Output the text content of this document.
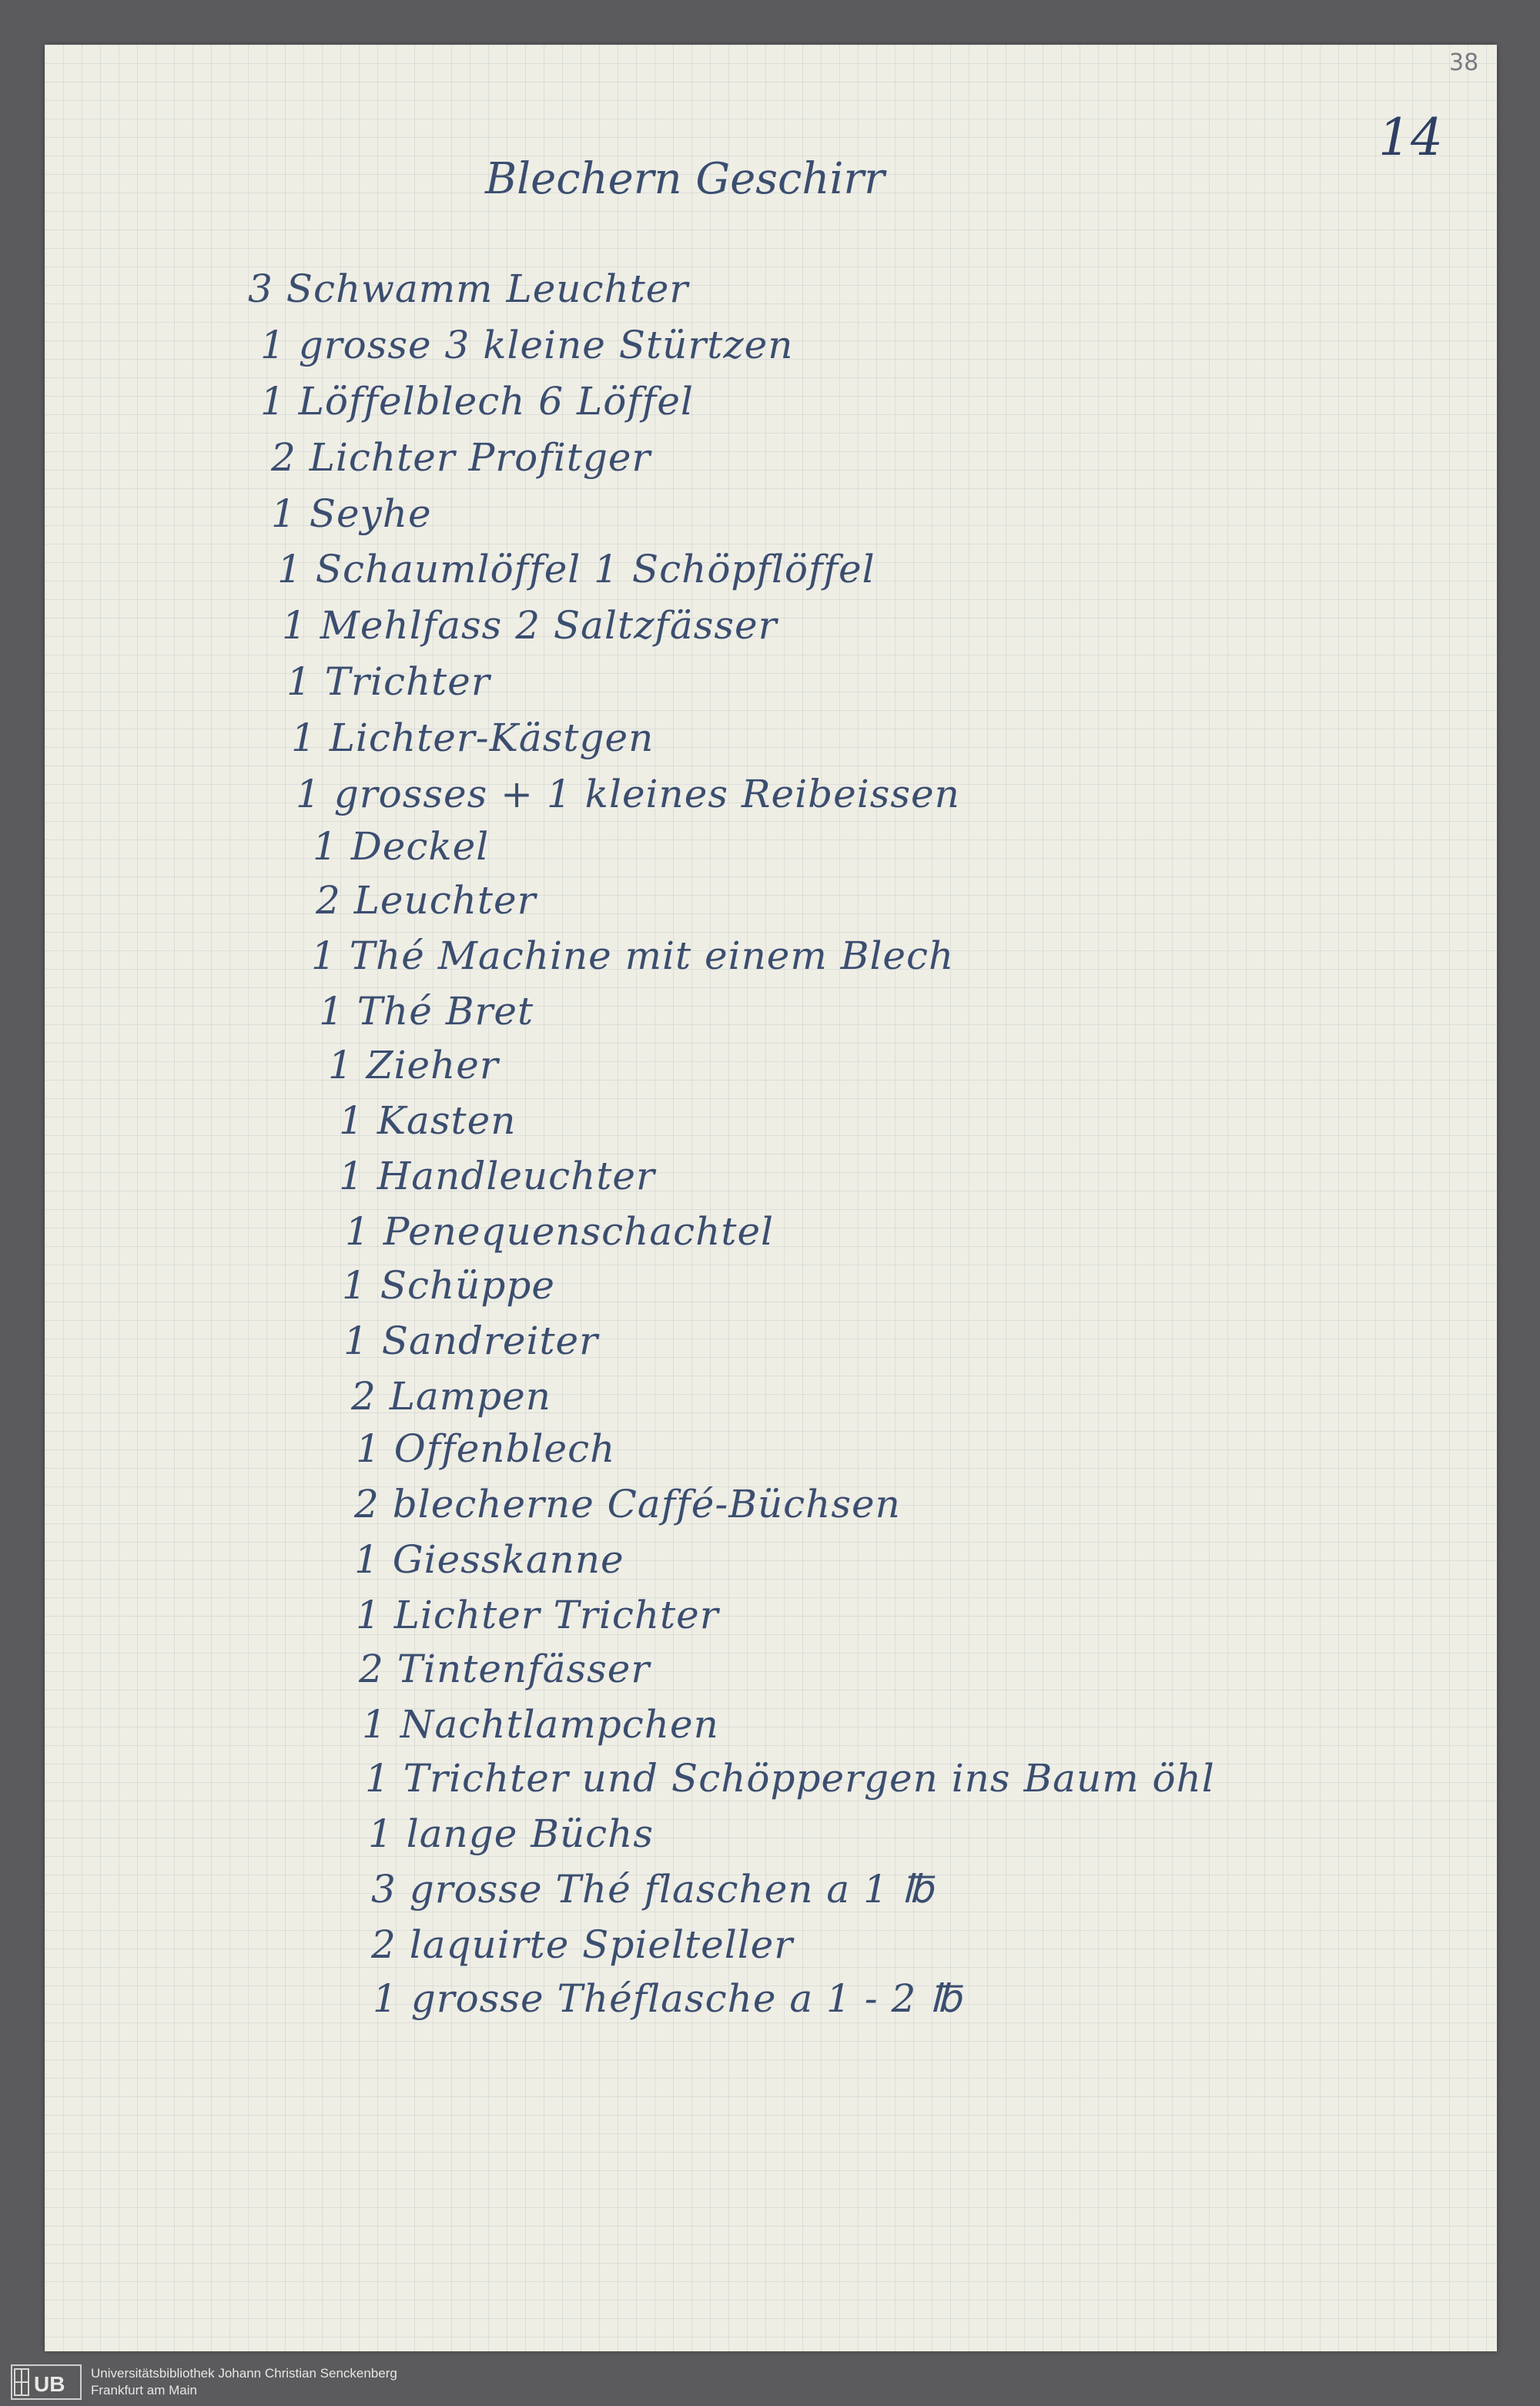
38
14
Blechern Geschirr
3 Schwamm Leuchter
1 grosse 3 kleine Stürtzen
1 Löffelblech 6 Löffel
2 Lichter Profitger
1 Seyhe
1 Schaumlöffel 1 Schöpflöffel
1 Mehlfass 2 Saltzfässer
1 Trichter
1 Lichter-Kästgen
1 grosses + 1 kleines Reibeissen
1 Deckel
2 Leuchter
1 Thé Machine mit einem Blech
1 Thé Bret
1 Zieher
1 Kasten
1 Handleuchter
1 Penequenschachtel
1 Schüppe
1 Sandreiter
2 Lampen
1 Offenblech
2 blecherne Caffé-Büchsen
1 Giesskanne
1 Lichter Trichter
2 Tintenfässer
1 Nachtlampchen
1 Trichter und Schöppergen ins Baum öhl
1 lange Büchs
3 grosse Thé flaschen a 1 ℔
2 laquirte Spielteller
1 grosse Théflasche a 1 - 2 ℔
UB Universitätsbibliothek Johann Christian Senckenberg
Frankfurt am Main
